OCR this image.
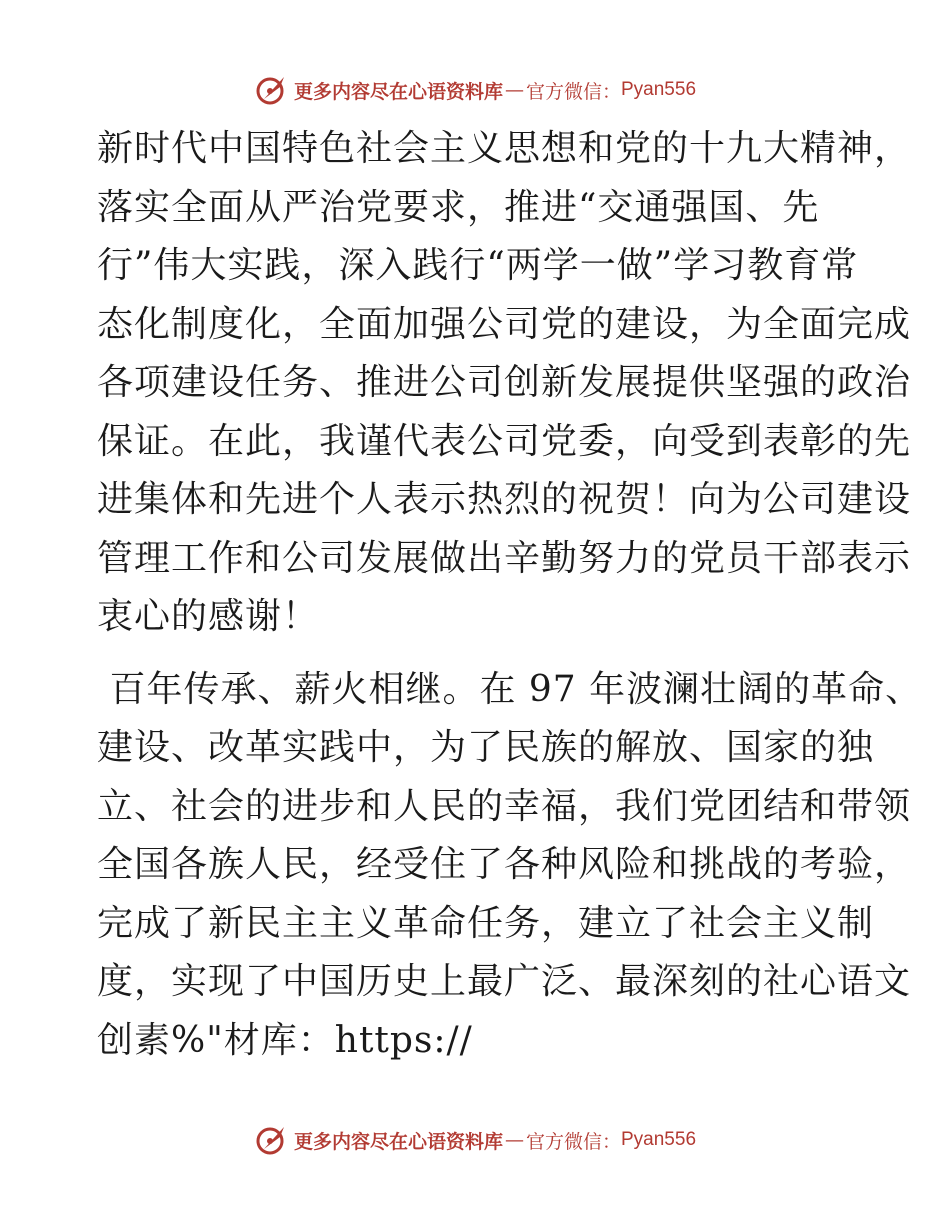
更多内容尽在心语资料库 — 官方微信： Pyan556

新时代中国特色社会主义思想和党的十九大精神，

落实全面从严治党要求，推进“交通强国、先

行”伟大实践，深入践行“两学一做”学习教育常

态化制度化，全面加强公司党的建设，为全面完成

各项建设任务、推进公司创新发展提供坚强的政治

保证。在此，我谨代表公司党委，向受到表彰的先

进集体和先进个人表示热烈的祝贺！向为公司建设

管理工作和公司发展做出辛勤努力的党员干部表示

衷心的感谢！

百年传承、薪火相继。在 97 年波澜壮阔的革命、

建设、改革实践中，为了民族的解放、国家的独

立、社会的进步和人民的幸福，我们党团结和带领

全国各族人民，经受住了各种风险和挑战的考验，

完成了新民主主义革命任务，建立了社会主义制

度，实现了中国历史上最广泛、最深刻的社心语文

创素%"材库：https://

更多内容尽在心语资料库 — 官方微信： Pyan556
